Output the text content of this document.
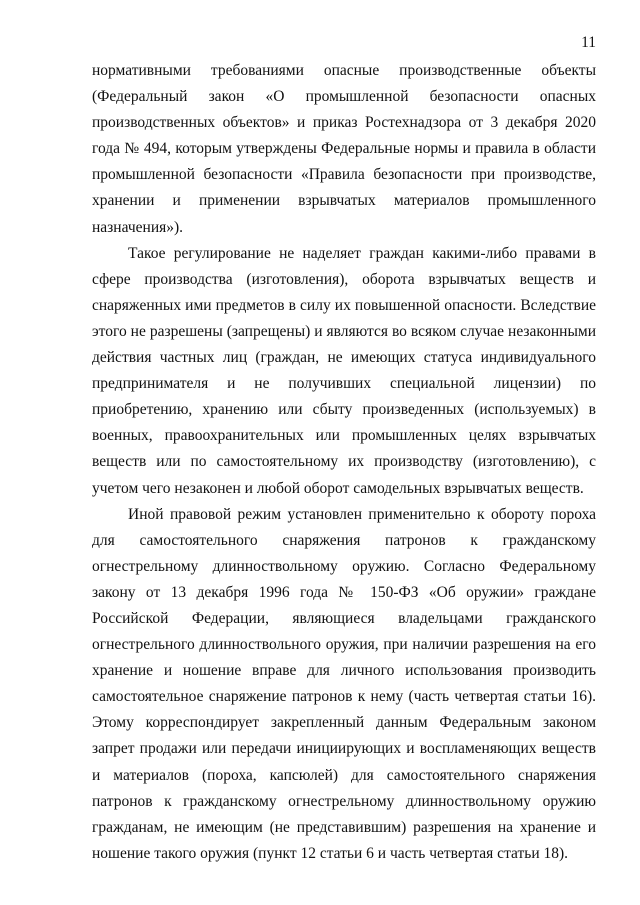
11

нормативными требованиями опасные производственные объекты (Федеральный закон «О промышленной безопасности опасных производственных объектов» и приказ Ростехнадзора от 3 декабря 2020 года № 494, которым утверждены Федеральные нормы и правила в области промышленной безопасности «Правила безопасности при производстве, хранении и применении взрывчатых материалов промышленного назначения»).

Такое регулирование не наделяет граждан какими-либо правами в сфере производства (изготовления), оборота взрывчатых веществ и снаряженных ими предметов в силу их повышенной опасности. Вследствие этого не разрешены (запрещены) и являются во всяком случае незаконными действия частных лиц (граждан, не имеющих статуса индивидуального предпринимателя и не получивших специальной лицензии) по приобретению, хранению или сбыту произведенных (используемых) в военных, правоохранительных или промышленных целях взрывчатых веществ или по самостоятельному их производству (изготовлению), с учетом чего незаконен и любой оборот самодельных взрывчатых веществ.

Иной правовой режим установлен применительно к обороту пороха для самостоятельного снаряжения патронов к гражданскому огнестрельному длинноствольному оружию. Согласно Федеральному закону от 13 декабря 1996 года № 150-ФЗ «Об оружии» граждане Российской Федерации, являющиеся владельцами гражданского огнестрельного длинноствольного оружия, при наличии разрешения на его хранение и ношение вправе для личного использования производить самостоятельное снаряжение патронов к нему (часть четвертая статьи 16). Этому корреспондирует закрепленный данным Федеральным законом запрет продажи или передачи инициирующих и воспламеняющих веществ и материалов (пороха, капсюлей) для самостоятельного снаряжения патронов к гражданскому огнестрельному длинноствольному оружию гражданам, не имеющим (не представившим) разрешения на хранение и ношение такого оружия (пункт 12 статьи 6 и часть четвертая статьи 18).
